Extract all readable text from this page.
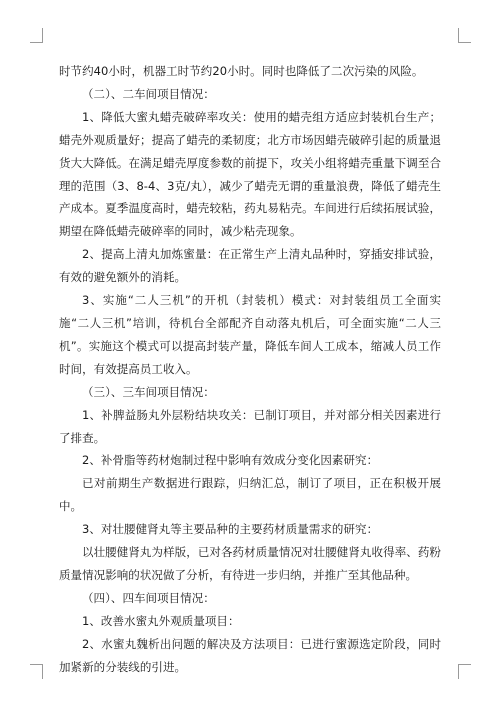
时节约40小时，机器工时节约20小时。同时也降低了二次污染的风险。

（二）、二车间项目情况：

1、降低大蜜丸蜡壳破碎率攻关：使用的蜡壳组方适应封装机台生产；蜡壳外观质量好；提高了蜡壳的柔韧度；北方市场因蜡壳破碎引起的质量退货大大降低。在满足蜡壳厚度参数的前提下，攻关小组将蜡壳重量下调至合理的范围（3、8-4、3克/丸），减少了蜡壳无谓的重量浪费，降低了蜡壳生产成本。夏季温度高时，蜡壳较粘，药丸易粘壳。车间进行后续拓展试验，期望在降低蜡壳破碎率的同时，减少粘壳现象。

2、提高上清丸加炼蜜量：在正常生产上清丸品种时，穿插安排试验，有效的避免额外的消耗。

3、实施“二人三机”的开机（封装机）模式：对封装组员工全面实施“二人三机”培训，待机台全部配齐自动落丸机后，可全面实施“二人三机”。实施这个模式可以提高封装产量，降低车间人工成本，缩减人员工作时间，有效提高员工收入。

（三）、三车间项目情况：

1、补脾益肠丸外层粉结块攻关：已制订项目，并对部分相关因素进行了排查。

2、补骨脂等药材炮制过程中影响有效成分变化因素研究：

已对前期生产数据进行跟踪，归纳汇总，制订了项目，正在积极开展中。

3、对壮腰健肾丸等主要品种的主要药材质量需求的研究：

以壮腰健肾丸为样版，已对各药材质量情况对壮腰健肾丸收得率、药粉质量情况影响的状况做了分析，有待进一步归纳，并推广至其他品种。

（四）、四车间项目情况：

1、改善水蜜丸外观质量项目：

2、水蜜丸魏析出问题的解决及方法项目：已进行蜜源选定阶段，同时加紧新的分装线的引进。
